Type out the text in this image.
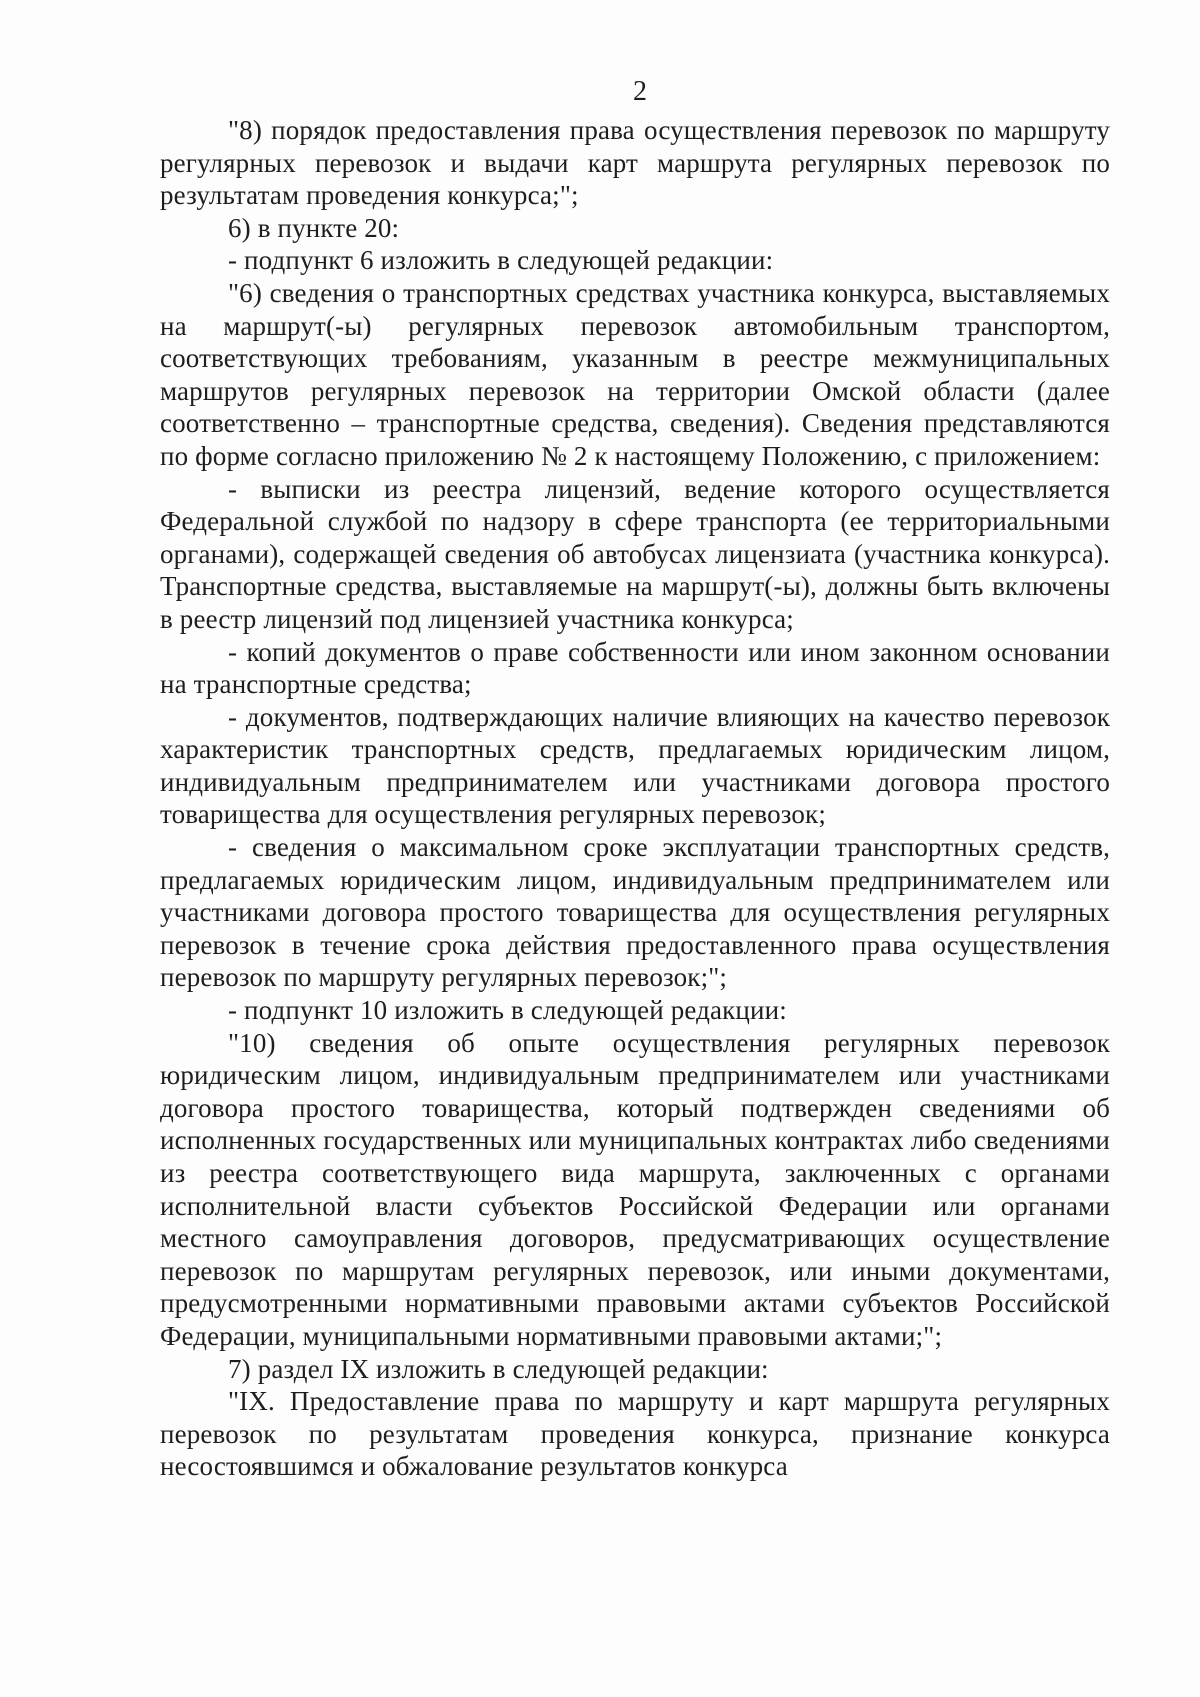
2

"8) порядок предоставления права осуществления перевозок по маршруту регулярных перевозок и выдачи карт маршрута регулярных перевозок по результатам проведения конкурса;";

6) в пункте 20:

- подпункт 6 изложить в следующей редакции:

"6) сведения о транспортных средствах участника конкурса, выставляемых на маршрут(-ы) регулярных перевозок автомобильным транспортом, соответствующих требованиям, указанным в реестре межмуниципальных маршрутов регулярных перевозок на территории Омской области (далее соответственно – транспортные средства, сведения). Сведения представляются по форме согласно приложению № 2 к настоящему Положению, с приложением:

- выписки из реестра лицензий, ведение которого осуществляется Федеральной службой по надзору в сфере транспорта (ее территориальными органами), содержащей сведения об автобусах лицензиата (участника конкурса). Транспортные средства, выставляемые на маршрут(-ы), должны быть включены в реестр лицензий под лицензией участника конкурса;

- копий документов о праве собственности или ином законном основании на транспортные средства;

- документов, подтверждающих наличие влияющих на качество перевозок характеристик транспортных средств, предлагаемых юридическим лицом, индивидуальным предпринимателем или участниками договора простого товарищества для осуществления регулярных перевозок;

- сведения о максимальном сроке эксплуатации транспортных средств, предлагаемых юридическим лицом, индивидуальным предпринимателем или участниками договора простого товарищества для осуществления регулярных перевозок в течение срока действия предоставленного права осуществления перевозок по маршруту регулярных перевозок;";

- подпункт 10 изложить в следующей редакции:

"10) сведения об опыте осуществления регулярных перевозок юридическим лицом, индивидуальным предпринимателем или участниками договора простого товарищества, который подтвержден сведениями об исполненных государственных или муниципальных контрактах либо сведениями из реестра соответствующего вида маршрута, заключенных с органами исполнительной власти субъектов Российской Федерации или органами местного самоуправления договоров, предусматривающих осуществление перевозок по маршрутам регулярных перевозок, или иными документами, предусмотренными нормативными правовыми актами субъектов Российской Федерации, муниципальными нормативными правовыми актами;";

7) раздел IX изложить в следующей редакции:

"IX. Предоставление права по маршруту и карт маршрута регулярных перевозок по результатам проведения конкурса, признание конкурса несостоявшимся и обжалование результатов конкурса
